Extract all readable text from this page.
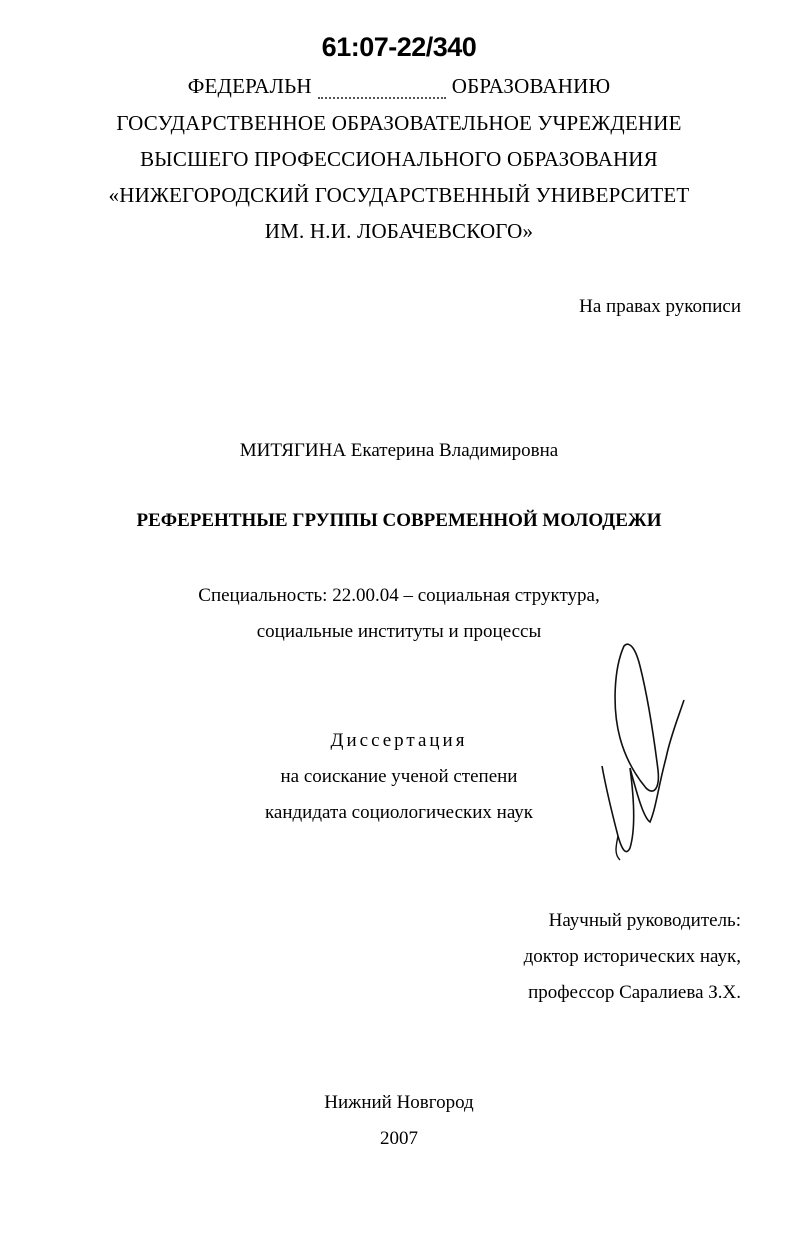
61:07-22/340
ФЕДЕРАЛЬН	ОБРАЗОВАНИЮ
ГОСУДАРСТВЕННОЕ ОБРАЗОВАТЕЛЬНОЕ УЧРЕЖДЕНИЕ
ВЫСШЕГО ПРОФЕССИОНАЛЬНОГО ОБРАЗОВАНИЯ
«НИЖЕГОРОДСКИЙ ГОСУДАРСТВЕННЫЙ УНИВЕРСИТЕТ
ИМ. Н.И. ЛОБАЧЕВСКОГО»
На правах рукописи
МИТЯГИНА Екатерина Владимировна
РЕФЕРЕНТНЫЕ ГРУППЫ СОВРЕМЕННОЙ МОЛОДЕЖИ
Специальность: 22.00.04 – социальная структура,
социальные институты и процессы
Диссертация
на соискание ученой степени
кандидата социологических наук
Научный руководитель:
доктор исторических наук,
профессор Саралиева З.Х.
Нижний Новгород
2007
